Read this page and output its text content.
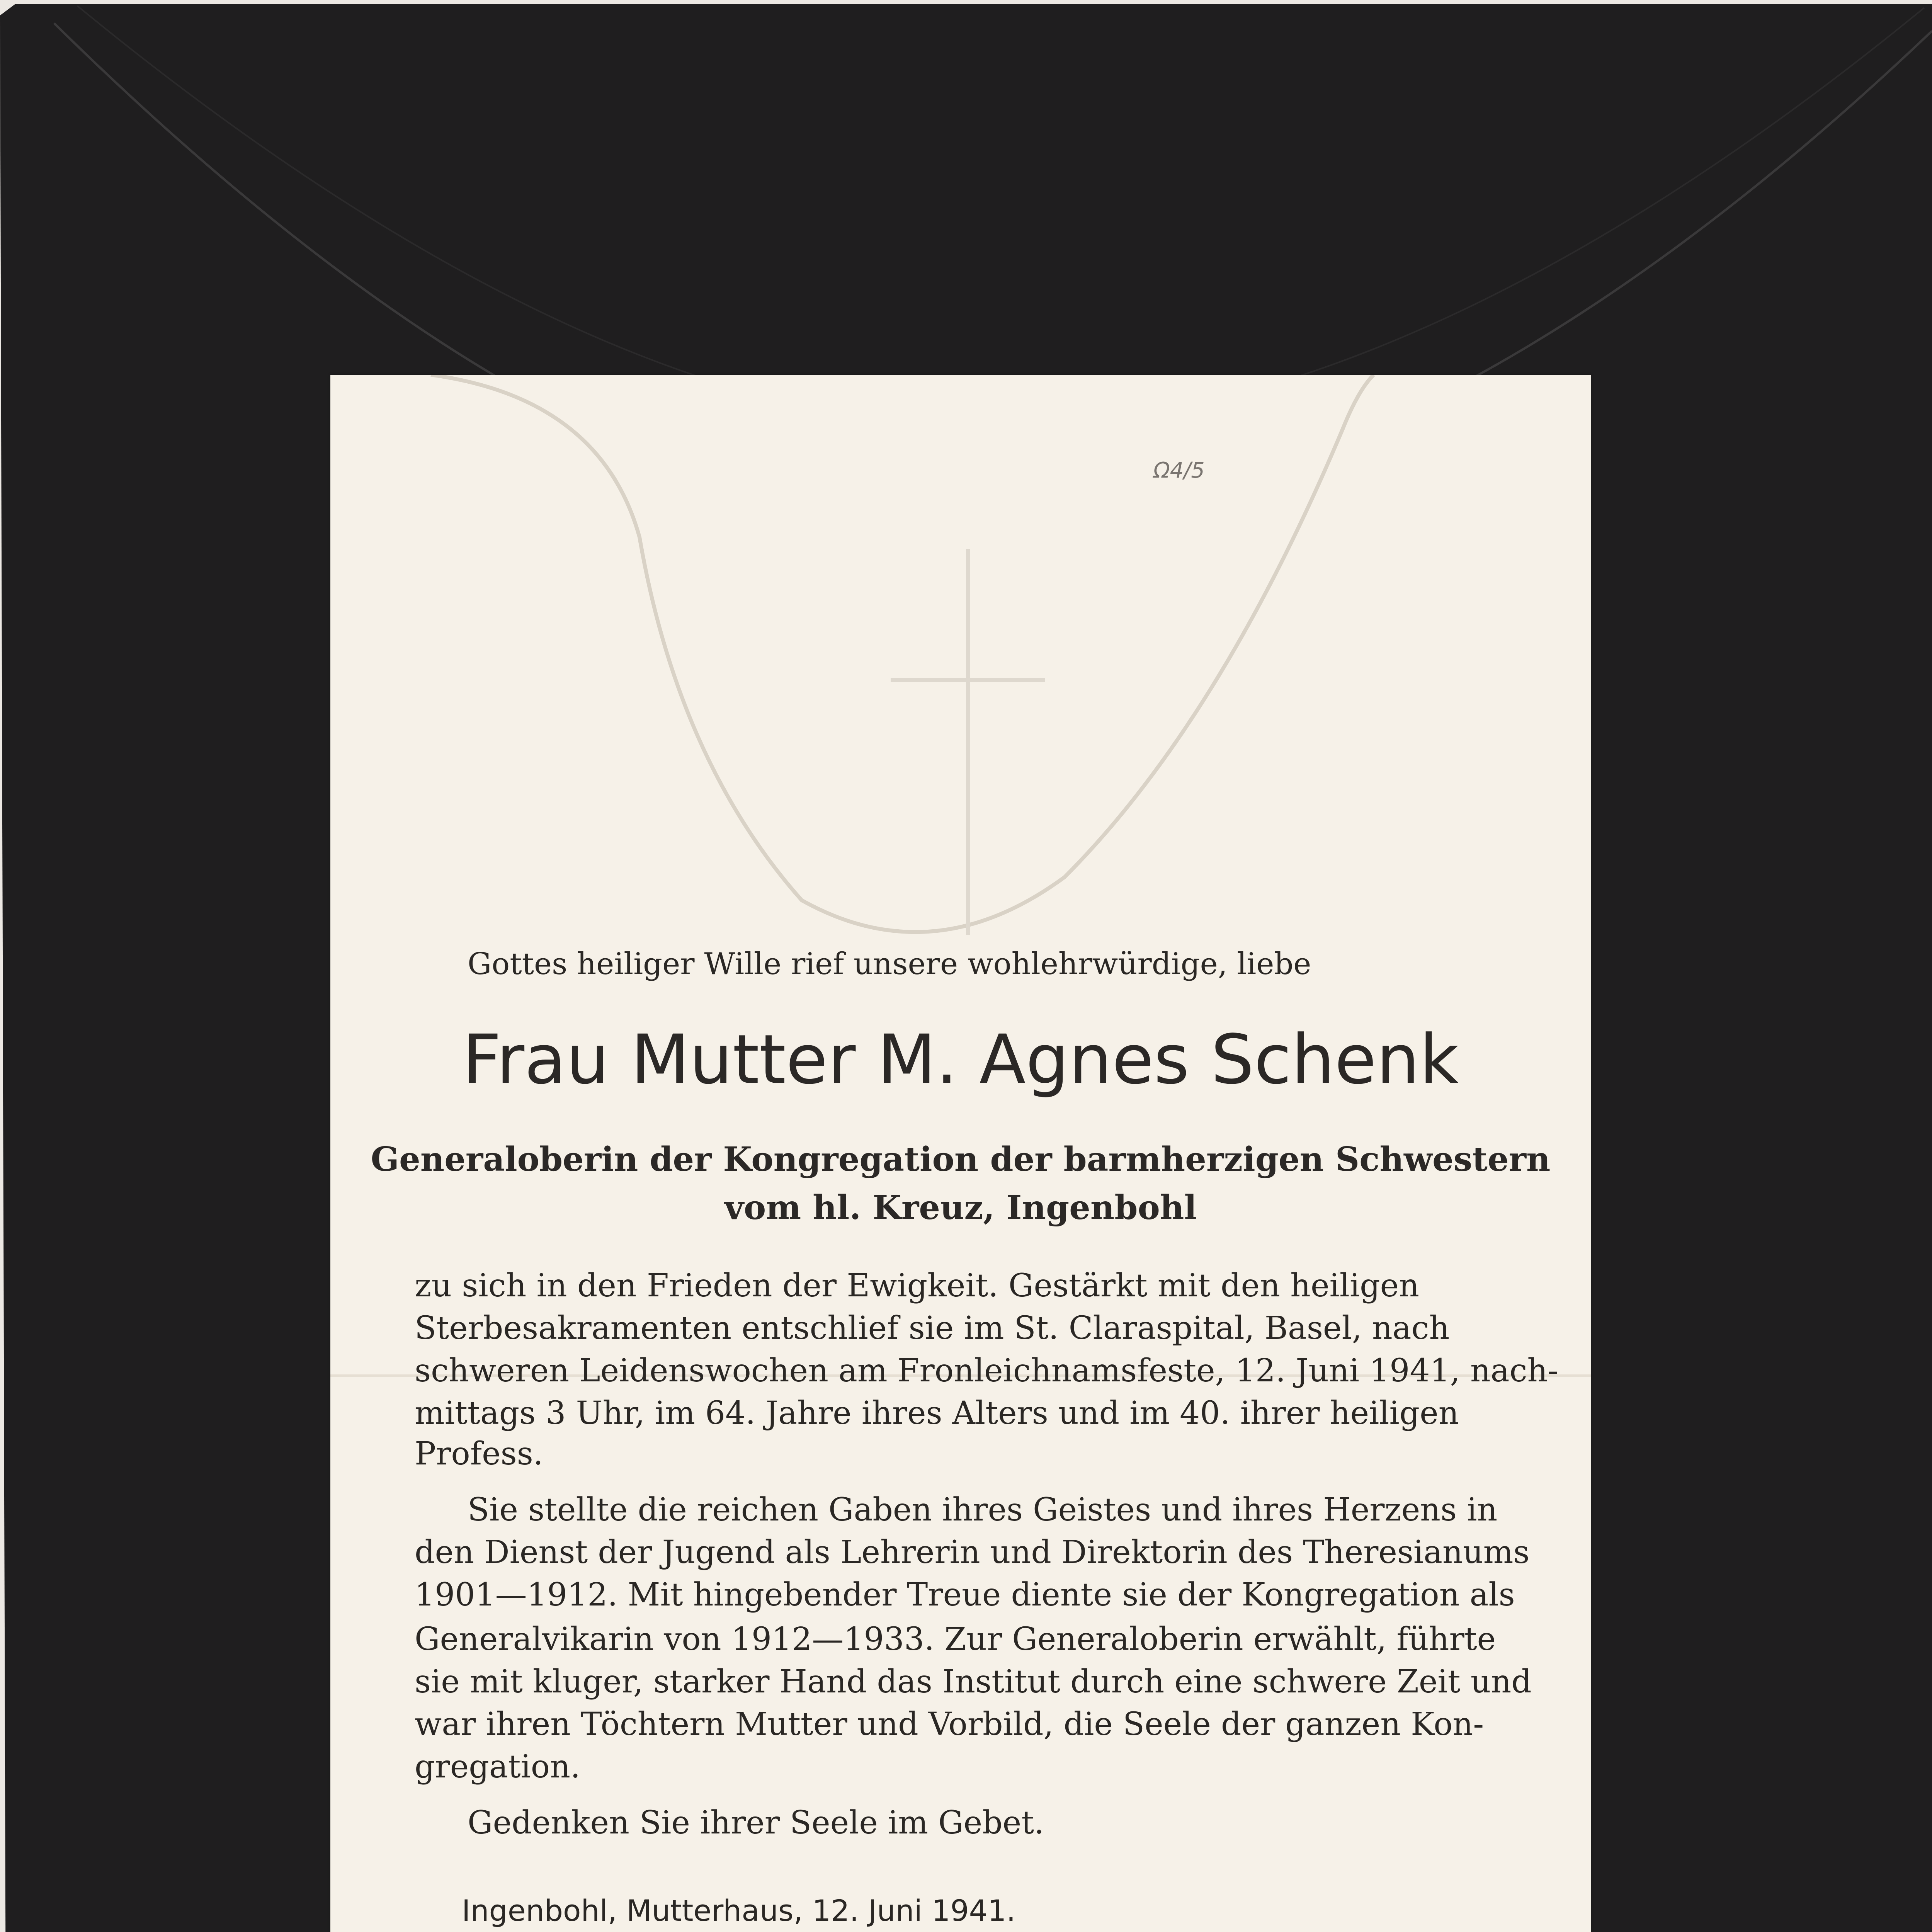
Ω4/5
Gottes heiliger Wille rief unsere wohlehrwürdige, liebe
Frau Mutter M. Agnes Schenk
Generaloberin der Kongregation der barmherzigen Schwestern
vom hl. Kreuz, Ingenbohl
zu sich in den Frieden der Ewigkeit. Gestärkt mit den heiligen
Sterbesakramenten entschlief sie im St. Claraspital, Basel, nach
schweren Leidenswochen am Fronleichnamsfeste, 12. Juni 1941, nach-
mittags 3 Uhr, im 64. Jahre ihres Alters und im 40. ihrer heiligen
Profess.
Sie stellte die reichen Gaben ihres Geistes und ihres Herzens in
den Dienst der Jugend als Lehrerin und Direktorin des Theresianums
1901—1912. Mit hingebender Treue diente sie der Kongregation als
Generalvikarin von 1912—1933. Zur Generaloberin erwählt, führte
sie mit kluger, starker Hand das Institut durch eine schwere Zeit und
war ihren Töchtern Mutter und Vorbild, die Seele der ganzen Kon-
gregation.
Gedenken Sie ihrer Seele im Gebet.
Ingenbohl, Mutterhaus, 12. Juni 1941.
